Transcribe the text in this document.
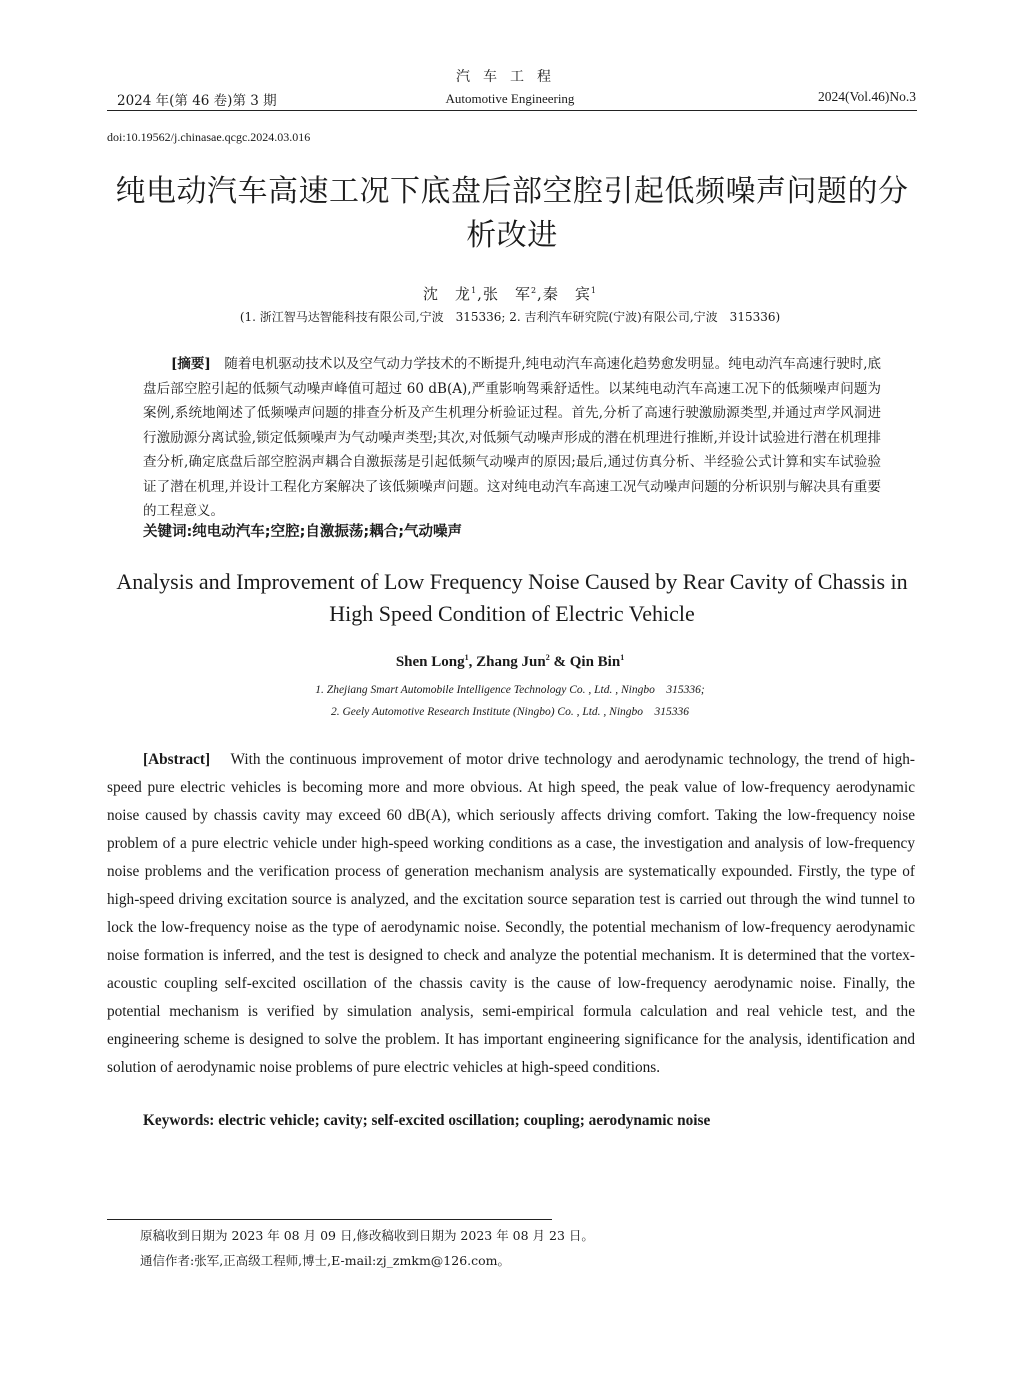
汽车工程
2024 年(第 46 卷)第 3 期	Automotive Engineering	2024(Vol.46)No.3
doi:10.19562/j.chinasae.qcgc.2024.03.016
纯电动汽车高速工况下底盘后部空腔引起低频噪声问题的分析改进
沈　龙$^1$,张　军$^2$,秦　宾$^1$
(1. 浙江智马达智能科技有限公司,宁波　315336; 2. 吉利汽车研究院(宁波)有限公司,宁波　315336)
[摘要]　 随着电机驱动技术以及空气动力学技术的不断提升,纯电动汽车高速化趋势愈发明显。纯电动汽车高速行驶时,底盘后部空腔引起的低频气动噪声峰值可超过 60 dB(A),严重影响驾乘舒适性。以某纯电动汽车高速工况下的低频噪声问题为案例,系统地阐述了低频噪声问题的排查分析及产生机理分析验证过程。首先,分析了高速行驶激励源类型,并通过声学风洞进行激励源分离试验,锁定低频噪声为气动噪声类型;其次,对低频气动噪声形成的潜在机理进行推断,并设计试验进行潜在机理排查分析,确定底盘后部空腔涡声耦合自激振荡是引起低频气动噪声的原因;最后,通过仿真分析、半经验公式计算和实车试验验证了潜在机理,并设计工程化方案解决了该低频噪声问题。这对纯电动汽车高速工况气动噪声问题的分析识别与解决具有重要的工程意义。
关键词:纯电动汽车;空腔;自激振荡;耦合;气动噪声
Analysis and Improvement of Low Frequency Noise Caused by Rear Cavity of Chassis in High Speed Condition of Electric Vehicle
Shen Long$^1$, Zhang Jun$^2$ & Qin Bin$^1$
1. Zhejiang Smart Automobile Intelligence Technology Co. , Ltd. , Ningbo　315336;
2. Geely Automotive Research Institute (Ningbo) Co. , Ltd. , Ningbo　315336
[Abstract] With the continuous improvement of motor drive technology and aerodynamic technology, the trend of high-speed pure electric vehicles is becoming more and more obvious. At high speed, the peak value of low-frequency aerodynamic noise caused by chassis cavity may exceed 60 dB(A), which seriously affects driving comfort. Taking the low-frequency noise problem of a pure electric vehicle under high-speed working conditions as a case, the investigation and analysis of low-frequency noise problems and the verification process of generation mechanism analysis are systematically expounded. Firstly, the type of high-speed driving excitation source is analyzed, and the excitation source separation test is carried out through the wind tunnel to lock the low-frequency noise as the type of aerodynamic noise. Secondly, the potential mechanism of low-frequency aerodynamic noise formation is inferred, and the test is designed to check and analyze the potential mechanism. It is determined that the vortex-acoustic coupling self-excited oscillation of the chassis cavity is the cause of low-frequency aerodynamic noise. Finally, the potential mechanism is verified by simulation analysis, semi-empirical formula calculation and real vehicle test, and the engineering scheme is designed to solve the problem. It has important engineering significance for the analysis, identification and solution of aerodynamic noise problems of pure electric vehicles at high-speed conditions.
Keywords: electric vehicle; cavity; self-excited oscillation; coupling; aerodynamic noise
原稿收到日期为 2023 年 08 月 09 日,修改稿收到日期为 2023 年 08 月 23 日。
通信作者:张军,正高级工程师,博士,E-mail:zj_zmkm@126.com。
